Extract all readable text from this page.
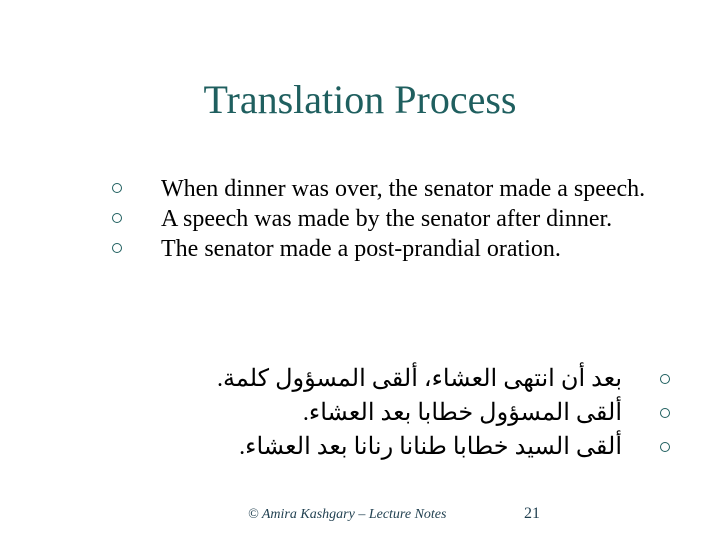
Translation Process
When dinner was over, the senator made a speech.
A speech was made by the senator after dinner.
The senator made a post-prandial oration.
بعد أن انتهى العشاء، ألقى المسؤول كلمة.
ألقى المسؤول خطابا بعد العشاء.
ألقى السيد خطابا طنانا رنانا بعد العشاء.
© Amira Kashgary – Lecture Notes	21
